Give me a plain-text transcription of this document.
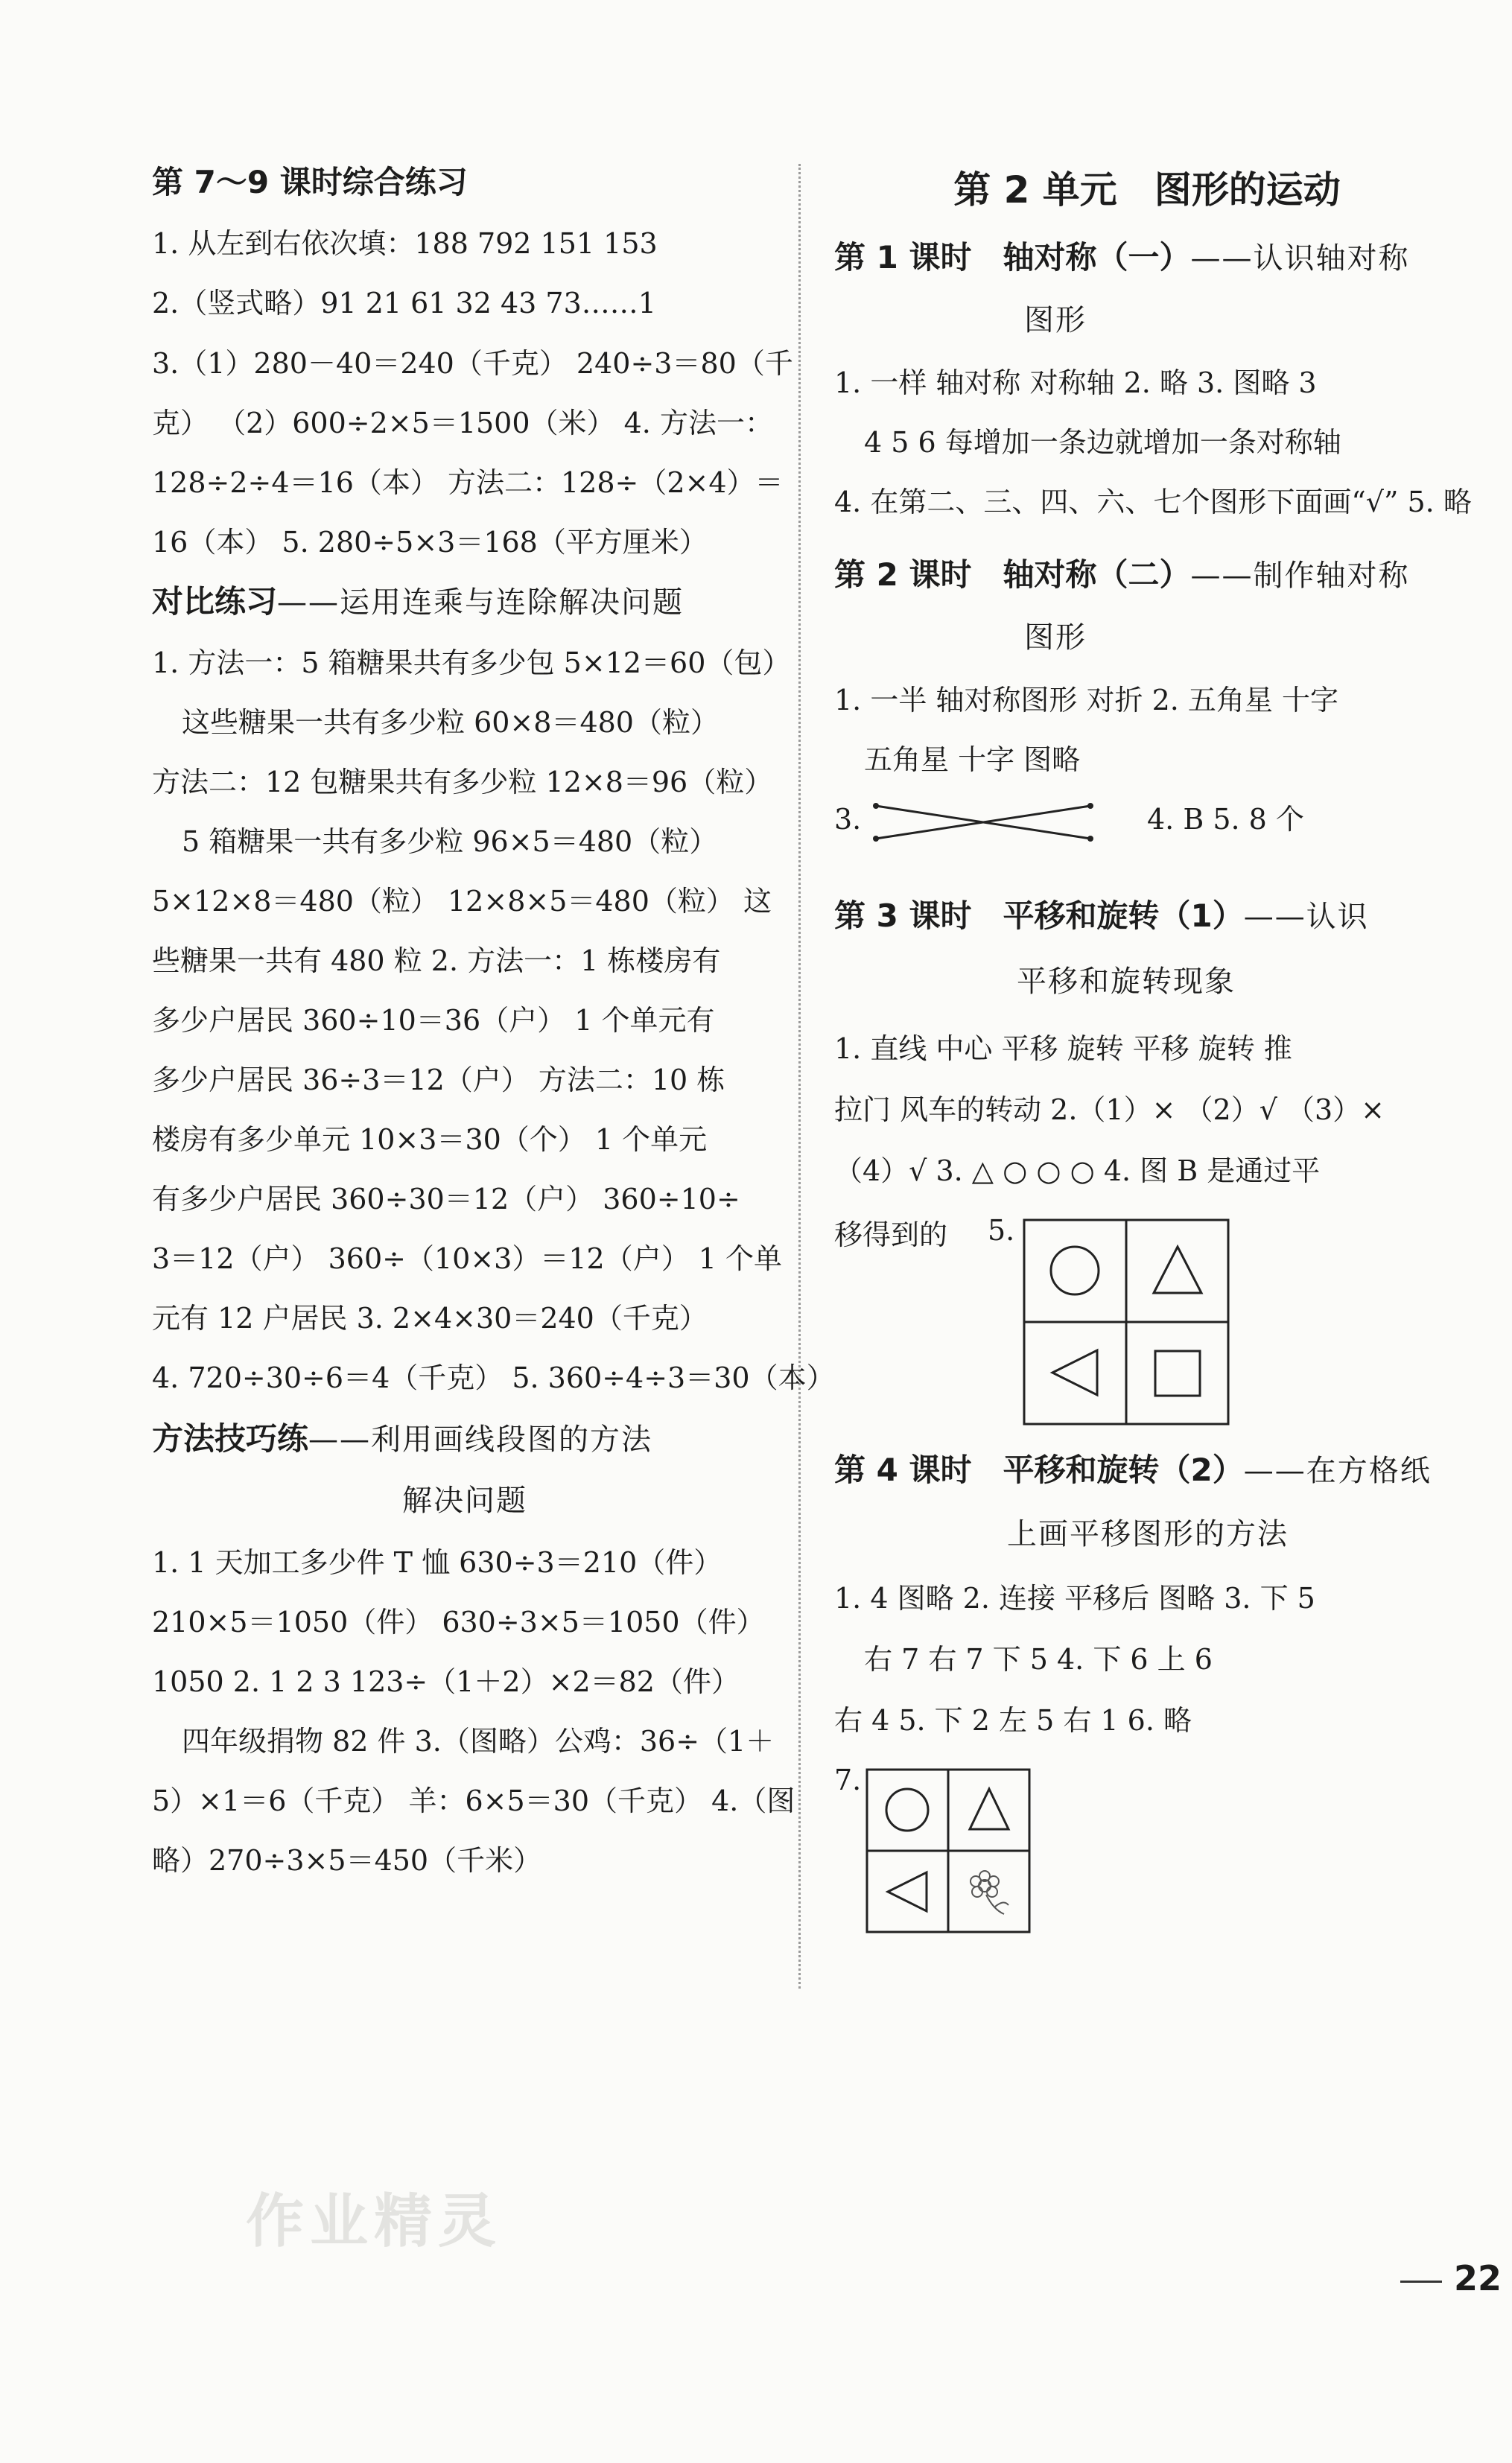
第 7～9 课时综合练习
1. 从左到右依次填：188 792 151 153
2.（竖式略）91 21 61 32 43 73……1
3.（1）280－40＝240（千克） 240÷3＝80（千
克） （2）600÷2×5＝1500（米） 4. 方法一：
128÷2÷4＝16（本） 方法二：128÷（2×4）＝
16（本） 5. 280÷5×3＝168（平方厘米）
对比练习——运用连乘与连除解决问题
1. 方法一：5 箱糖果共有多少包 5×12＝60（包）
这些糖果一共有多少粒 60×8＝480（粒）
方法二：12 包糖果共有多少粒 12×8＝96（粒）
5 箱糖果一共有多少粒 96×5＝480（粒）
5×12×8＝480（粒） 12×8×5＝480（粒） 这
些糖果一共有 480 粒 2. 方法一：1 栋楼房有
多少户居民 360÷10＝36（户） 1 个单元有
多少户居民 36÷3＝12（户） 方法二：10 栋
楼房有多少单元 10×3＝30（个） 1 个单元
有多少户居民 360÷30＝12（户） 360÷10÷
3＝12（户） 360÷（10×3）＝12（户） 1 个单
元有 12 户居民 3. 2×4×30＝240（千克）
4. 720÷30÷6＝4（千克） 5. 360÷4÷3＝30（本）
方法技巧练——利用画线段图的方法
解决问题
1. 1 天加工多少件 T 恤 630÷3＝210（件）
210×5＝1050（件） 630÷3×5＝1050（件）
1050 2. 1 2 3 123÷（1＋2）×2＝82（件）
四年级捐物 82 件 3.（图略）公鸡：36÷（1＋
5）×1＝6（千克） 羊：6×5＝30（千克） 4.（图
略）270÷3×5＝450（千米）
第 2 单元　图形的运动
第 1 课时　轴对称（一）——认识轴对称
图形
1. 一样 轴对称 对称轴 2. 略 3. 图略 3
4 5 6 每增加一条边就增加一条对称轴
4. 在第二、三、四、六、七个图形下面画“√” 5. 略
第 2 课时　轴对称（二）——制作轴对称
图形
1. 一半 轴对称图形 对折 2. 五角星 十字
五角星 十字 图略
3.	4. B 5. 8 个
第 3 课时　平移和旋转（1）——认识
平移和旋转现象
1. 直线 中心 平移 旋转 平移 旋转 推
拉门 风车的转动 2.（1）× （2）√ （3）×
（4）√ 3. △ ○ ○ ○ 4. 图 B 是通过平
移得到的	5.
第 4 课时　平移和旋转（2）——在方格纸
上画平移图形的方法
1. 4 图略 2. 连接 平移后 图略 3. 下 5
右 7 右 7 下 5 4. 下 6 上 6
右 4 5. 下 2 左 5 右 1 6. 略
7.
22
作业精灵
